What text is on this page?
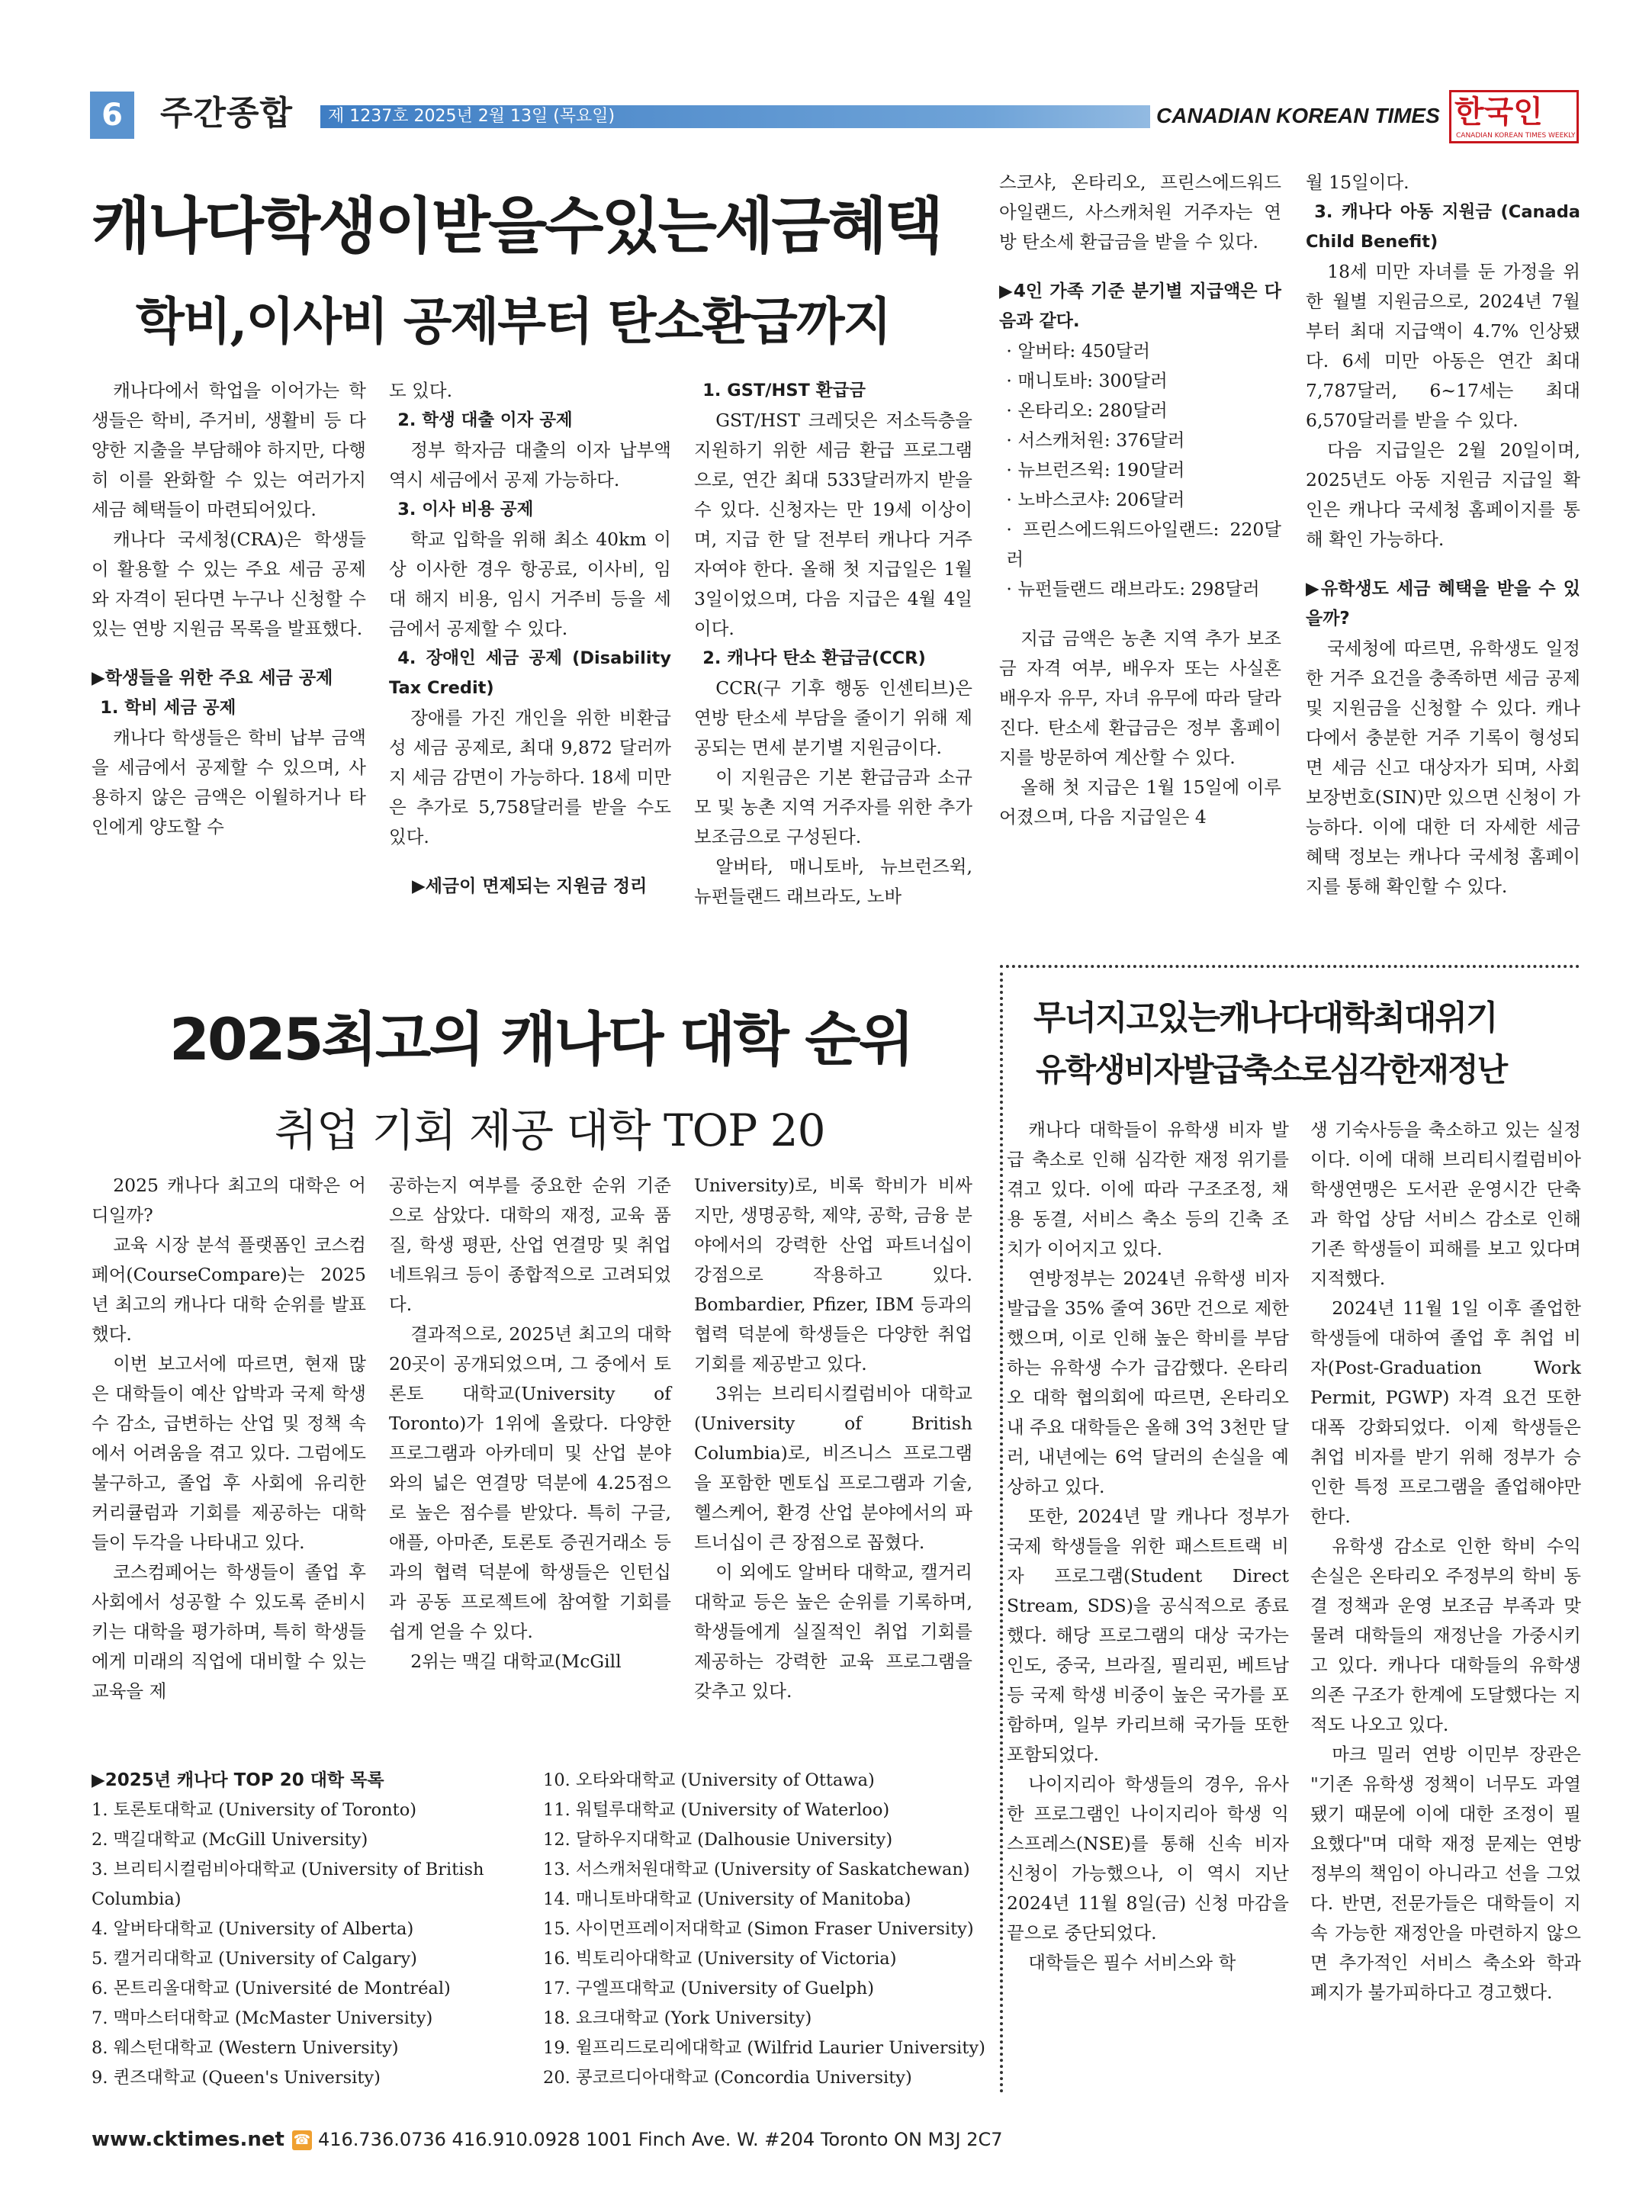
6	주간종합 제 1237호 2025년 2월 13일 (목요일)	CANADIAN KOREAN TIMES 한국인
CANADIAN KOREAN TIMES WEEKLY
캐나다학생이받을수있는세금혜택
학비,이사비 공제부터 탄소환급까지

캐나다에서 학업을 이어가는 학생들은 학비, 주거비, 생활비 등 다양한 지출을 부담해야 하지만, 다행히 이를 완화할 수 있는 여러가지 세금 혜택들이 마련되어있다.

캐나다 국세청(CRA)은 학생들이 활용할 수 있는 주요 세금 공제와 자격이 된다면 누구나 신청할 수 있는 연방 지원금 목록을 발표했다.

▶학생들을 위한 주요 세금 공제

1. 학비 세금 공제

캐나다 학생들은 학비 납부 금액을 세금에서 공제할 수 있으며, 사용하지 않은 금액은 이월하거나 타인에게 양도할 수

도 있다.

2. 학생 대출 이자 공제

정부 학자금 대출의 이자 납부액 역시 세금에서 공제 가능하다.

3. 이사 비용 공제

학교 입학을 위해 최소 40km 이상 이사한 경우 항공료, 이사비, 임대 해지 비용, 임시 거주비 등을 세금에서 공제할 수 있다.

4. 장애인 세금 공제 (Disability Tax Credit)

장애를 가진 개인을 위한 비환급성 세금 공제로, 최대 9,872 달러까지 세금 감면이 가능하다. 18세 미만은 추가로 5,758달러를 받을 수도 있다.

▶세금이 면제되는 지원금 정리

1. GST/HST 환급금

GST/HST 크레딧은 저소득층을 지원하기 위한 세금 환급 프로그램으로, 연간 최대 533달러까지 받을 수 있다. 신청자는 만 19세 이상이며, 지급 한 달 전부터 캐나다 거주자여야 한다. 올해 첫 지급일은 1월 3일이었으며, 다음 지급은 4월 4일이다.

2. 캐나다 탄소 환급금(CCR)

CCR(구 기후 행동 인센티브)은 연방 탄소세 부담을 줄이기 위해 제공되는 면세 분기별 지원금이다.

이 지원금은 기본 환급금과 소규모 및 농촌 지역 거주자를 위한 추가 보조금으로 구성된다.

알버타, 매니토바, 뉴브런즈윅, 뉴펀들랜드 래브라도, 노바

스코샤, 온타리오, 프린스에드워드아일랜드, 사스캐처원 거주자는 연방 탄소세 환급금을 받을 수 있다.

▶4인 가족 기준 분기별 지급액은 다음과 같다.

· 알버타: 450달러
· 매니토바: 300달러
· 온타리오: 280달러
· 서스캐처원: 376달러
· 뉴브런즈윅: 190달러
· 노바스코샤: 206달러
· 프린스에드워드아일랜드: 220달러
· 뉴펀들랜드 래브라도: 298달러

지급 금액은 농촌 지역 추가 보조금 자격 여부, 배우자 또는 사실혼 배우자 유무, 자녀 유무에 따라 달라진다. 탄소세 환급금은 정부 홈페이지를 방문하여 계산할 수 있다.

올해 첫 지급은 1월 15일에 이루어졌으며, 다음 지급일은 4

월 15일이다.

3. 캐나다 아동 지원금 (Canada Child Benefit)

18세 미만 자녀를 둔 가정을 위한 월별 지원금으로, 2024년 7월부터 최대 지급액이 4.7% 인상됐다. 6세 미만 아동은 연간 최대 7,787달러, 6~17세는 최대 6,570달러를 받을 수 있다.

다음 지급일은 2월 20일이며, 2025년도 아동 지원금 지급일 확인은 캐나다 국세청 홈페이지를 통해 확인 가능하다.

▶유학생도 세금 혜택을 받을 수 있을까?

국세청에 따르면, 유학생도 일정한 거주 요건을 충족하면 세금 공제 및 지원금을 신청할 수 있다. 캐나다에서 충분한 거주 기록이 형성되면 세금 신고 대상자가 되며, 사회보장번호(SIN)만 있으면 신청이 가능하다. 이에 대한 더 자세한 세금 혜택 정보는 캐나다 국세청 홈페이지를 통해 확인할 수 있다.

2025최고의 캐나다 대학 순위
취업 기회 제공 대학 TOP 20

2025 캐나다 최고의 대학은 어디일까?

교육 시장 분석 플랫폼인 코스컴페어(CourseCompare)는 2025년 최고의 캐나다 대학 순위를 발표했다.

이번 보고서에 따르면, 현재 많은 대학들이 예산 압박과 국제 학생 수 감소, 급변하는 산업 및 정책 속에서 어려움을 겪고 있다. 그럼에도 불구하고, 졸업 후 사회에 유리한 커리큘럼과 기회를 제공하는 대학들이 두각을 나타내고 있다.

코스컴페어는 학생들이 졸업 후 사회에서 성공할 수 있도록 준비시키는 대학을 평가하며, 특히 학생들에게 미래의 직업에 대비할 수 있는 교육을 제

공하는지 여부를 중요한 순위 기준으로 삼았다. 대학의 재정, 교육 품질, 학생 평판, 산업 연결망 및 취업 네트워크 등이 종합적으로 고려되었다.

결과적으로, 2025년 최고의 대학 20곳이 공개되었으며, 그 중에서 토론토 대학교(University of Toronto)가 1위에 올랐다. 다양한 프로그램과 아카데미 및 산업 분야와의 넓은 연결망 덕분에 4.25점으로 높은 점수를 받았다. 특히 구글, 애플, 아마존, 토론토 증권거래소 등과의 협력 덕분에 학생들은 인턴십과 공동 프로젝트에 참여할 기회를 쉽게 얻을 수 있다.

2위는 맥길 대학교(McGill

University)로, 비록 학비가 비싸지만, 생명공학, 제약, 공학, 금융 분야에서의 강력한 산업 파트너십이 강점으로 작용하고 있다. Bombardier, Pfizer, IBM 등과의 협력 덕분에 학생들은 다양한 취업 기회를 제공받고 있다.

3위는 브리티시컬럼비아 대학교(University of British Columbia)로, 비즈니스 프로그램을 포함한 멘토십 프로그램과 기술, 헬스케어, 환경 산업 분야에서의 파트너십이 큰 장점으로 꼽혔다.

이 외에도 알버타 대학교, 캘거리 대학교 등은 높은 순위를 기록하며, 학생들에게 실질적인 취업 기회를 제공하는 강력한 교육 프로그램을 갖추고 있다.

▶2025년 캐나다 TOP 20 대학 목록
1. 토론토대학교 (University of Toronto)
2. 맥길대학교 (McGill University)
3. 브리티시컬럼비아대학교 (University of British
Columbia)
4. 알버타대학교 (University of Alberta)
5. 캘거리대학교 (University of Calgary)
6. 몬트리올대학교 (Université de Montréal)
7. 맥마스터대학교 (McMaster University)
8. 웨스턴대학교 (Western University)
9. 퀸즈대학교 (Queen's University)
10. 오타와대학교 (University of Ottawa)
11. 워털루대학교 (University of Waterloo)
12. 달하우지대학교 (Dalhousie University)
13. 서스캐처원대학교 (University of Saskatchewan)
14. 매니토바대학교 (University of Manitoba)
15. 사이먼프레이저대학교 (Simon Fraser University)
16. 빅토리아대학교 (University of Victoria)
17. 구엘프대학교 (University of Guelph)
18. 요크대학교 (York University)
19. 윌프리드로리에대학교 (Wilfrid Laurier University)
20. 콩코르디아대학교 (Concordia University)
무너지고있는캐나다대학최대위기
유학생비자발급축소로심각한재정난

캐나다 대학들이 유학생 비자 발급 축소로 인해 심각한 재정 위기를 겪고 있다. 이에 따라 구조조정, 채용 동결, 서비스 축소 등의 긴축 조치가 이어지고 있다.

연방정부는 2024년 유학생 비자 발급을 35% 줄여 36만 건으로 제한했으며, 이로 인해 높은 학비를 부담하는 유학생 수가 급감했다. 온타리오 대학 협의회에 따르면, 온타리오 내 주요 대학들은 올해 3억 3천만 달러, 내년에는 6억 달러의 손실을 예상하고 있다.

또한, 2024년 말 캐나다 정부가 국제 학생들을 위한 패스트트랙 비자 프로그램(Student Direct Stream, SDS)을 공식적으로 종료했다. 해당 프로그램의 대상 국가는 인도, 중국, 브라질, 필리핀, 베트남 등 국제 학생 비중이 높은 국가를 포함하며, 일부 카리브해 국가들 또한 포함되었다.

나이지리아 학생들의 경우, 유사한 프로그램인 나이지리아 학생 익스프레스(NSE)를 통해 신속 비자 신청이 가능했으나, 이 역시 지난 2024년 11월 8일(금) 신청 마감을 끝으로 중단되었다.

대학들은 필수 서비스와 학

생 기숙사등을 축소하고 있는 실정이다. 이에 대해 브리티시컬럼비아 학생연맹은 도서관 운영시간 단축과 학업 상담 서비스 감소로 인해 기존 학생들이 피해를 보고 있다며 지적했다.

2024년 11월 1일 이후 졸업한 학생들에 대하여 졸업 후 취업 비자(Post-Graduation Work Permit, PGWP) 자격 요건 또한 대폭 강화되었다. 이제 학생들은 취업 비자를 받기 위해 정부가 승인한 특정 프로그램을 졸업해야만 한다.

유학생 감소로 인한 학비 수익 손실은 온타리오 주정부의 학비 동결 정책과 운영 보조금 부족과 맞물려 대학들의 재정난을 가중시키고 있다. 캐나다 대학들의 유학생 의존 구조가 한계에 도달했다는 지적도 나오고 있다.

마크 밀러 연방 이민부 장관은 "기존 유학생 정책이 너무도 과열됐기 때문에 이에 대한 조정이 필요했다"며 대학 재정 문제는 연방정부의 책임이 아니라고 선을 그었다. 반면, 전문가들은 대학들이 지속 가능한 재정안을 마련하지 않으면 추가적인 서비스 축소와 학과 폐지가 불가피하다고 경고했다.

www.cktimes.net ☎ 416.736.0736 416.910.0928 1001 Finch Ave. W. #204 Toronto ON M3J 2C7
